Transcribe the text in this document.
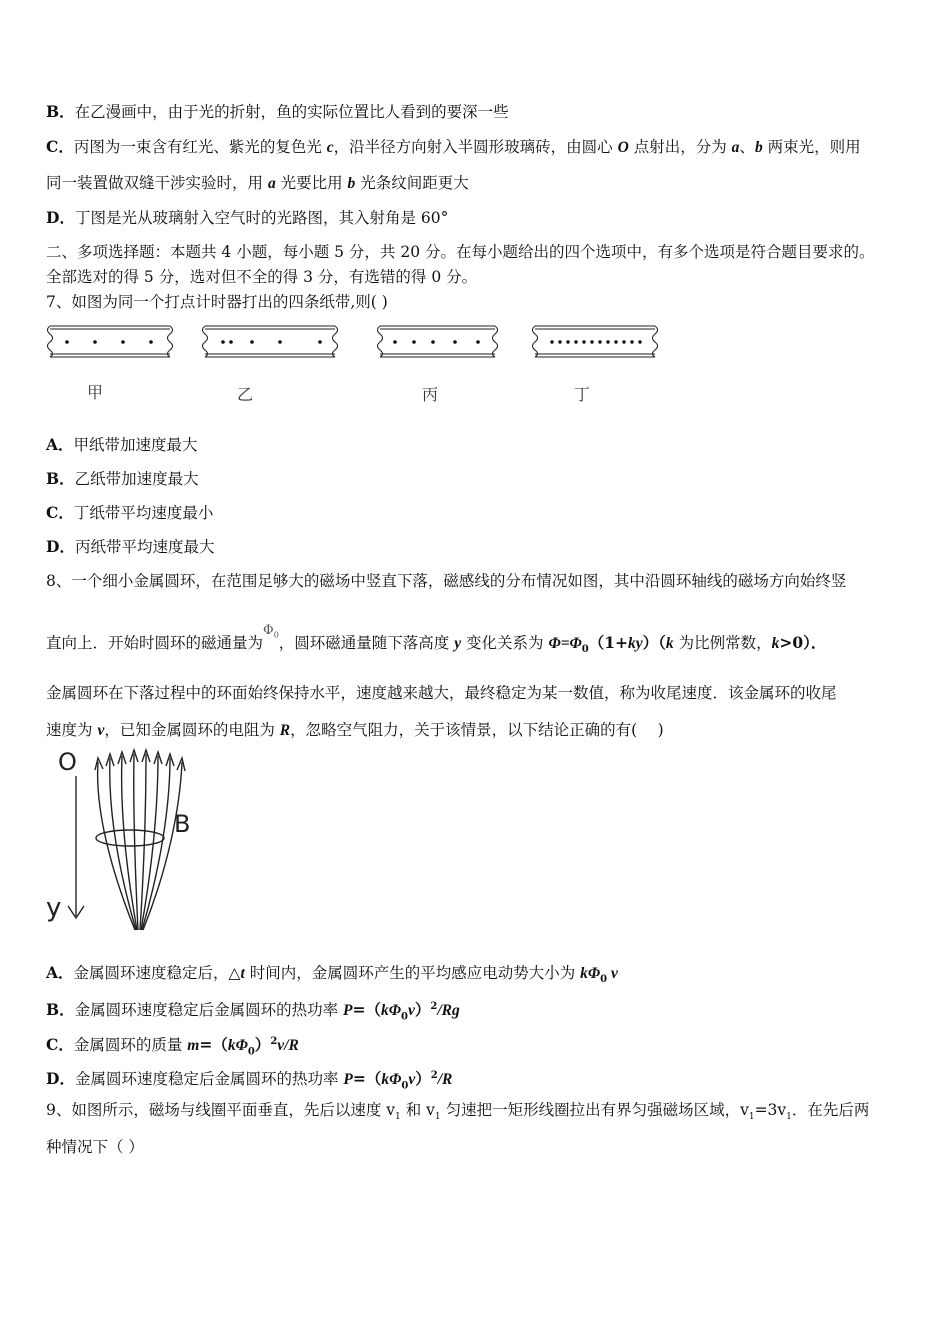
B．在乙漫画中，由于光的折射，鱼的实际位置比人看到的要深一些
C．丙图为一束含有红光、紫光的复色光 c，沿半径方向射入半圆形玻璃砖，由圆心 O 点射出，分为 a、b 两束光，则用
同一装置做双缝干涉实验时，用 a 光要比用 b 光条纹间距更大
D．丁图是光从玻璃射入空气时的光路图，其入射角是 60°
二、多项选择题：本题共 4 小题，每小题 5 分，共 20 分。在每小题给出的四个选项中，有多个选项是符合题目要求的。
全部选对的得 5 分，选对但不全的得 3 分，有选错的得 0 分。
7、如图为同一个打点计时器打出的四条纸带,则( )
甲	乙	丙	丁
A．甲纸带加速度最大
B．乙纸带加速度最大
C．丁纸带平均速度最小
D．丙纸带平均速度最大
8、一个细小金属圆环，在范围足够大的磁场中竖直下落，磁感线的分布情况如图，其中沿圆环轴线的磁场方向始终竖
直向上．开始时圆环的磁通量为$^{\Phi_0}$，圆环磁通量随下落高度 y 变化关系为 $\Phi=\Phi_0(1+ky)(k$ 为比例常数，k>0）．
金属圆环在下落过程中的环面始终保持水平，速度越来越大，最终稳定为某一数值，称为收尾速度．该金属环的收尾
速度为 v，已知金属圆环的电阻为 R，忽略空气阻力，关于该情景，以下结论正确的有(　 )
O
y
B
A．金属圆环速度稳定后，△t 时间内，金属圆环产生的平均感应电动势大小为 $k\Phi_0$ v
B．金属圆环速度稳定后金属圆环的热功率 $P=(k\Phi_0v)^2/Rg$
C．金属圆环的质量 $m=(k\Phi_0)^2v/R$
D．金属圆环速度稳定后金属圆环的热功率 $P=(k\Phi_0v)^2/R$
9、如图所示，磁场与线圈平面垂直，先后以速度 $v_1$ 和 $v_1$ 匀速把一矩形线圈拉出有界匀强磁场区域，$v_1=3v_1$．在先后两
种情况下（ ）
